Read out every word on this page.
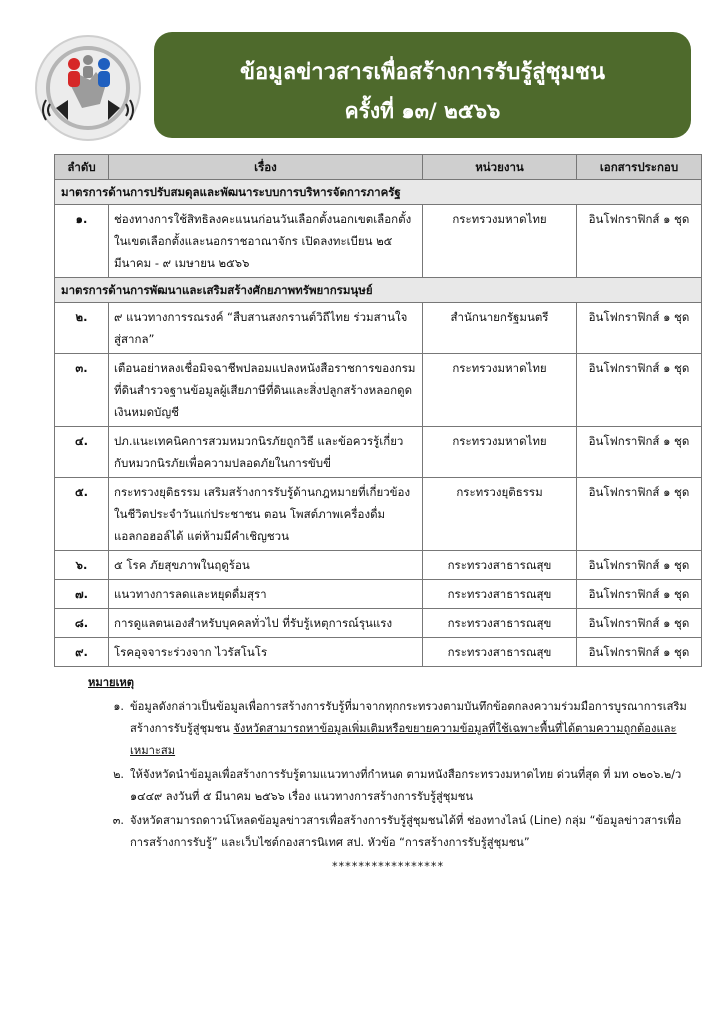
ข้อมูลข่าวสารเพื่อสร้างการรับรู้สู่ชุมชน
ครั้งที่ ๑๓/ ๒๕๖๖
ลำดับ	เรื่อง	หน่วยงาน	เอกสารประกอบ
มาตรการด้านการปรับสมดุลและพัฒนาระบบการบริหารจัดการภาครัฐ			
๑.	ช่องทางการใช้สิทธิลงคะแนนก่อนวันเลือกตั้งนอกเขตเลือกตั้ง ในเขตเลือกตั้งและนอกราชอาณาจักร เปิดลงทะเบียน ๒๕ มีนาคม - ๙ เมษายน ๒๕๖๖	กระทรวงมหาดไทย	อินโฟกราฟิกส์ ๑ ชุด
มาตรการด้านการพัฒนาและเสริมสร้างศักยภาพทรัพยากรมนุษย์			
๒.	๙ แนวทางการรณรงค์ “สืบสานสงกรานต์วิถีไทย ร่วมสานใจ สู่สากล”	สำนักนายกรัฐมนตรี	อินโฟกราฟิกส์ ๑ ชุด
๓.	เตือนอย่าหลงเชื่อมิจฉาชีพปลอมแปลงหนังสือราชการของกรมที่ดินสำรวจฐานข้อมูลผู้เสียภาษีที่ดินและสิ่งปลูกสร้างหลอกดูดเงินหมดบัญชี	กระทรวงมหาดไทย	อินโฟกราฟิกส์ ๑ ชุด
๔.	ปภ.แนะเทคนิคการสวมหมวกนิรภัยถูกวิธี และข้อควรรู้เกี่ยวกับหมวกนิรภัยเพื่อความปลอดภัยในการขับขี่	กระทรวงมหาดไทย	อินโฟกราฟิกส์ ๑ ชุด
๕.	กระทรวงยุติธรรม เสริมสร้างการรับรู้ด้านกฎหมายที่เกี่ยวข้องในชีวิตประจำวันแก่ประชาชน ตอน โพสต์ภาพเครื่องดื่มแอลกอฮอล์ได้ แต่ห้ามมีคำเชิญชวน	กระทรวงยุติธรรม	อินโฟกราฟิกส์ ๑ ชุด
๖.	๕ โรค ภัยสุขภาพในฤดูร้อน	กระทรวงสาธารณสุข	อินโฟกราฟิกส์ ๑ ชุด
๗.	แนวทางการลดและหยุดดื่มสุรา	กระทรวงสาธารณสุข	อินโฟกราฟิกส์ ๑ ชุด
๘.	การดูแลตนเองสำหรับบุคคลทั่วไป ที่รับรู้เหตุการณ์รุนแรง	กระทรวงสาธารณสุข	อินโฟกราฟิกส์ ๑ ชุด
๙.	โรคอุจจาระร่วงจาก ไวรัสโนโร	กระทรวงสาธารณสุข	อินโฟกราฟิกส์ ๑ ชุด
หมายเหตุ
๑. ข้อมูลดังกล่าวเป็นข้อมูลเพื่อการสร้างการรับรู้ที่มาจากทุกกระทรวงตามบันทึกข้อตกลงความร่วมมือการบูรณาการเสริมสร้างการรับรู้สู่ชุมชน จังหวัดสามารถหาข้อมูลเพิ่มเติมหรือขยายความข้อมูลที่ใช้เฉพาะพื้นที่ได้ตามความถูกต้องและเหมาะสม
๒. ให้จังหวัดนำข้อมูลเพื่อสร้างการรับรู้ตามแนวทางที่กำหนด ตามหนังสือกระทรวงมหาดไทย ด่วนที่สุด ที่ มท ๐๒๐๖.๒/ว ๑๔๔๙ ลงวันที่ ๕ มีนาคม ๒๕๖๖ เรื่อง แนวทางการสร้างการรับรู้สู่ชุมชน
๓. จังหวัดสามารถดาวน์โหลดข้อมูลข่าวสารเพื่อสร้างการรับรู้สู่ชุมชนได้ที่ ช่องทางไลน์ (Line) กลุ่ม “ข้อมูลข่าวสารเพื่อการสร้างการรับรู้” และเว็บไซต์กองสารนิเทศ สป. หัวข้อ “การสร้างการรับรู้สู่ชุมชน”
*****************
